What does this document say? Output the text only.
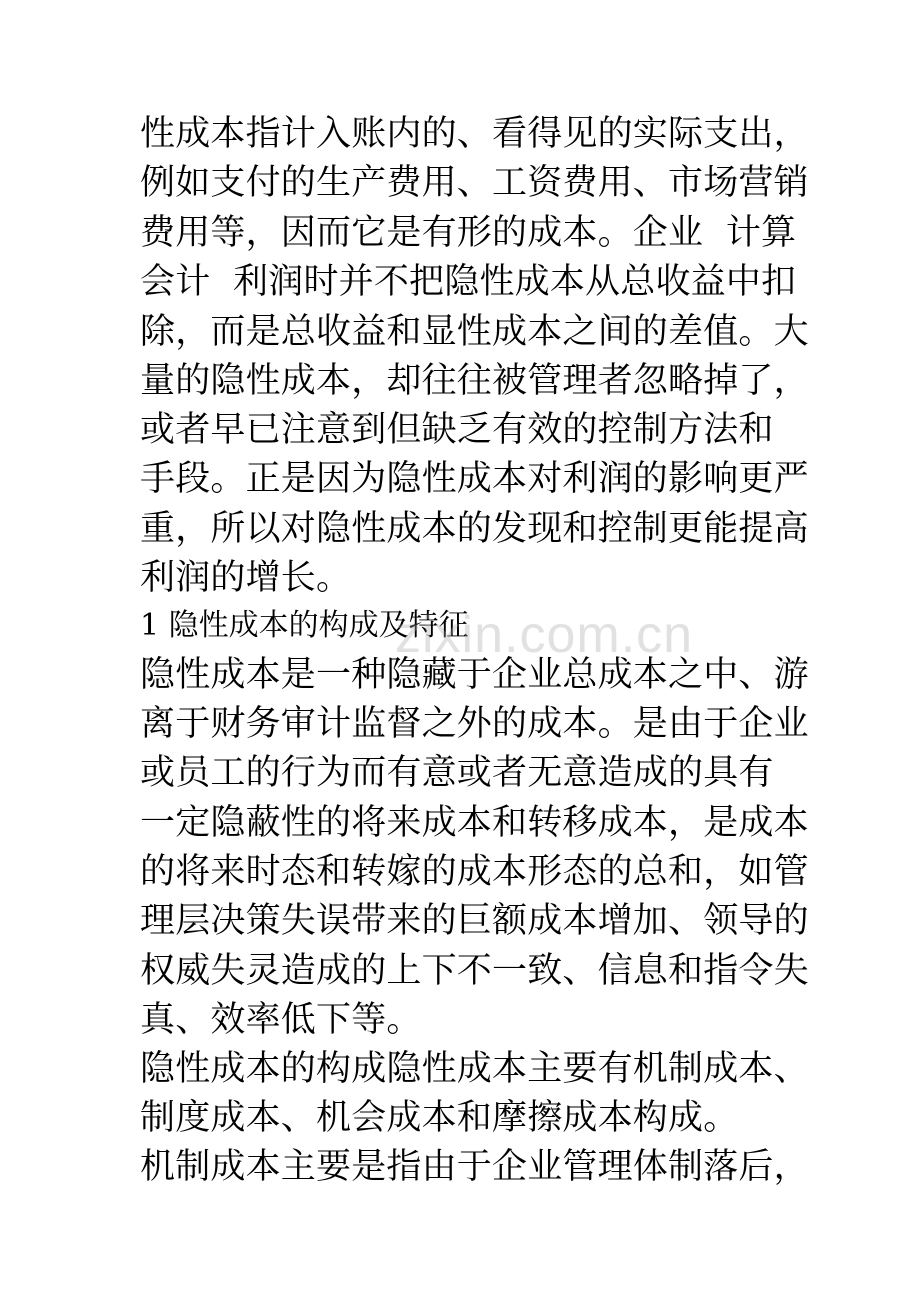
性成本指计入账内的、看得见的实际支出，
例如支付的生产费用、工资费用、市场营销
费用等，因而它是有形的成本。企业  计算
会计  利润时并不把隐性成本从总收益中扣
除，而是总收益和显性成本之间的差值。大
量的隐性成本，却往往被管理者忽略掉了，
或者早已注意到但缺乏有效的控制方法和
手段。正是因为隐性成本对利润的影响更严
重，所以对隐性成本的发现和控制更能提高
利润的增长。
1 隐性成本的构成及特征
隐性成本是一种隐藏于企业总成本之中、游
离于财务审计监督之外的成本。是由于企业
或员工的行为而有意或者无意造成的具有
一定隐蔽性的将来成本和转移成本，是成本
的将来时态和转嫁的成本形态的总和，如管
理层决策失误带来的巨额成本增加、领导的
权威失灵造成的上下不一致、信息和指令失
真、效率低下等。
隐性成本的构成隐性成本主要有机制成本、
制度成本、机会成本和摩擦成本构成。
机制成本主要是指由于企业管理体制落后，
zixin.com.cn
